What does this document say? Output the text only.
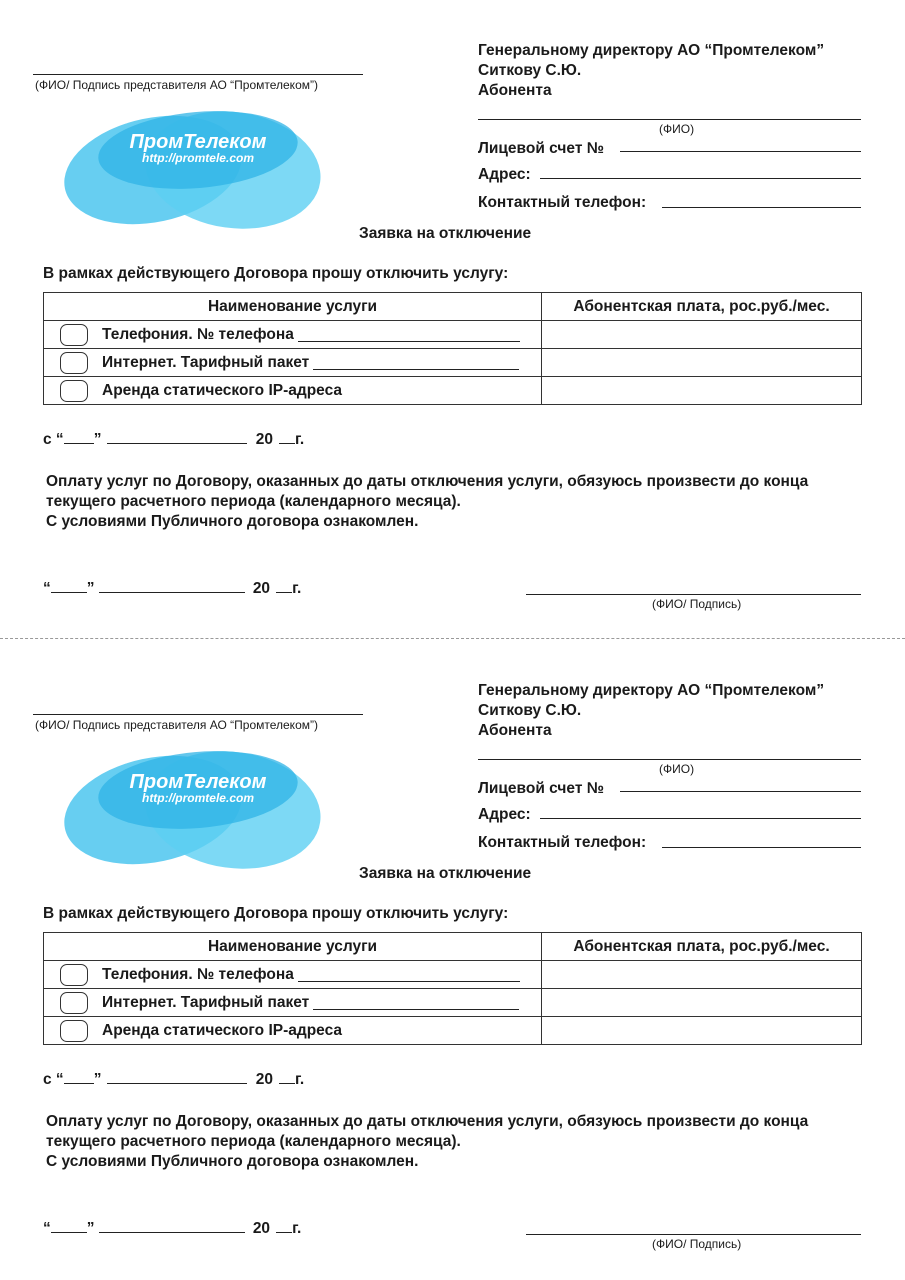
(ФИО/ Подпись представителя АО “Промтелеком”)
ПромТелеком
http://promtele.com
Генеральному директору АО “Промтелеком”
Ситкову С.Ю.
Абонента
(ФИО)
Лицевой счет №
Адрес:
Контактный телефон:
Заявка на отключение
В рамках действующего Договора прошу отключить услугу:
Наименование услуги	Абонентская плата, рос.руб./мес.
Телефония. № телефона	
Интернет. Тарифный пакет	
Аренда статического IP-адреса	
с “ ”	20 г.
Оплату услуг по Договору, оказанных до даты отключения услуги, обязуюсь произвести до конца
текущего расчетного периода (календарного месяца).
С условиями Публичного договора ознакомлен.
“ ”	20 г.
(ФИО/ Подпись)
(ФИО/ Подпись представителя АО “Промтелеком”)
ПромТелеком
http://promtele.com
Генеральному директору АО “Промтелеком”
Ситкову С.Ю.
Абонента
(ФИО)
Лицевой счет №
Адрес:
Контактный телефон:
Заявка на отключение
В рамках действующего Договора прошу отключить услугу:
Наименование услуги	Абонентская плата, рос.руб./мес.
Телефония. № телефона	
Интернет. Тарифный пакет	
Аренда статического IP-адреса	
с “ ”	20 г.
Оплату услуг по Договору, оказанных до даты отключения услуги, обязуюсь произвести до конца
текущего расчетного периода (календарного месяца).
С условиями Публичного договора ознакомлен.
“ ”	20 г.
(ФИО/ Подпись)
